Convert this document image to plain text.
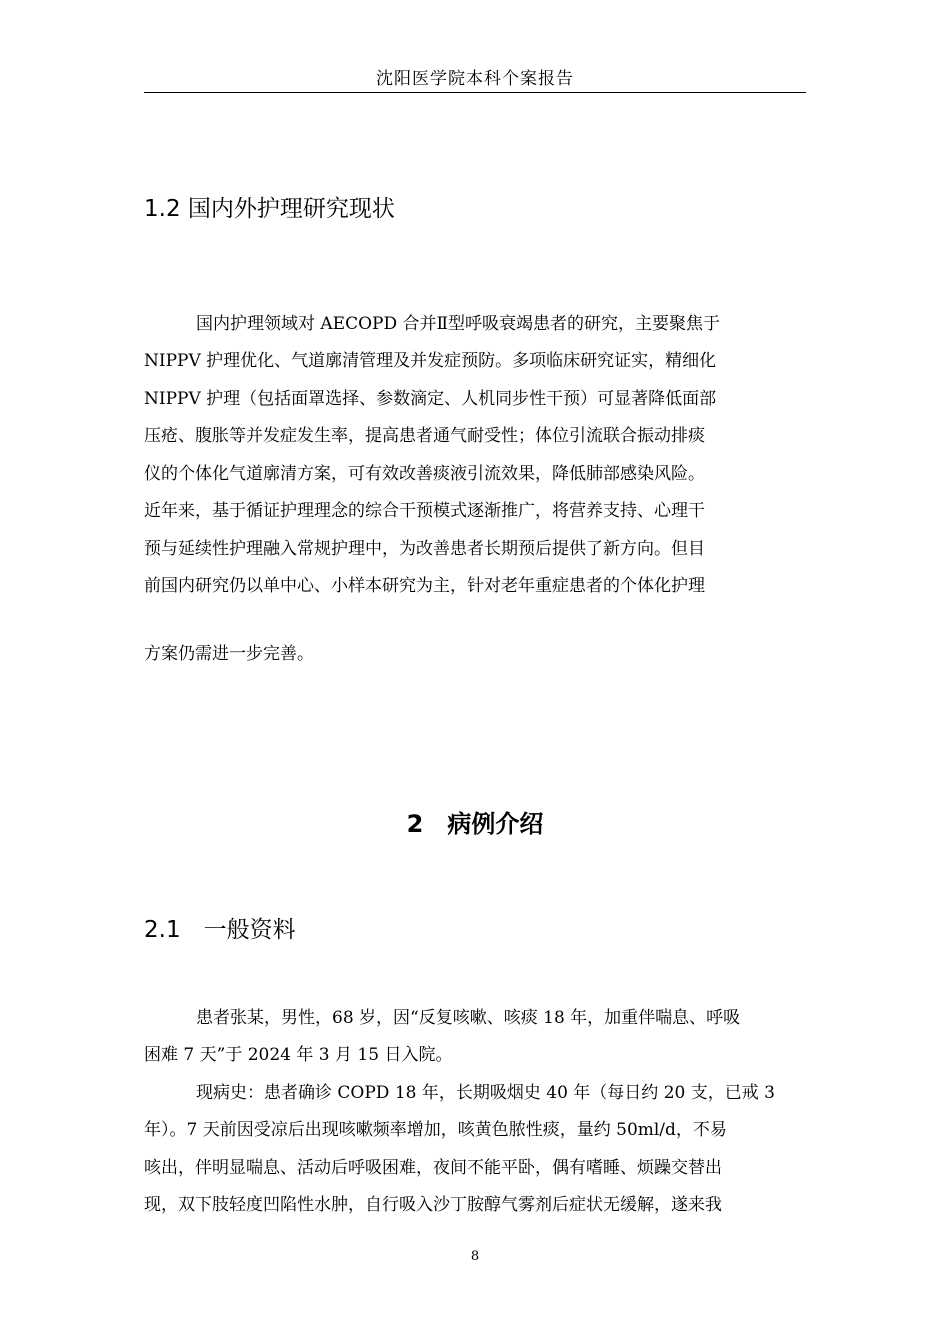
沈阳医学院本科个案报告
1.2 国内外护理研究现状
国内护理领域对 AECOPD 合并Ⅱ型呼吸衰竭患者的研究，主要聚焦于
NIPPV 护理优化、气道廓清管理及并发症预防。多项临床研究证实，精细化
NIPPV 护理（包括面罩选择、参数滴定、人机同步性干预）可显著降低面部
压疮、腹胀等并发症发生率，提高患者通气耐受性；体位引流联合振动排痰
仪的个体化气道廓清方案，可有效改善痰液引流效果，降低肺部感染风险。
近年来，基于循证护理理念的综合干预模式逐渐推广，将营养支持、心理干
预与延续性护理融入常规护理中，为改善患者长期预后提供了新方向。但目
前国内研究仍以单中心、小样本研究为主，针对老年重症患者的个体化护理
方案仍需进一步完善。
2　病例介绍
2.1　一般资料
患者张某，男性，68 岁，因“反复咳嗽、咳痰 18 年，加重伴喘息、呼吸
困难 7 天”于 2024 年 3 月 15 日入院。
现病史：患者确诊 COPD 18 年，长期吸烟史 40 年（每日约 20 支，已戒 3
年）。7 天前因受凉后出现咳嗽频率增加，咳黄色脓性痰，量约 50ml/d，不易
咳出，伴明显喘息、活动后呼吸困难，夜间不能平卧，偶有嗜睡、烦躁交替出
现，双下肢轻度凹陷性水肿，自行吸入沙丁胺醇气雾剂后症状无缓解，遂来我
8
